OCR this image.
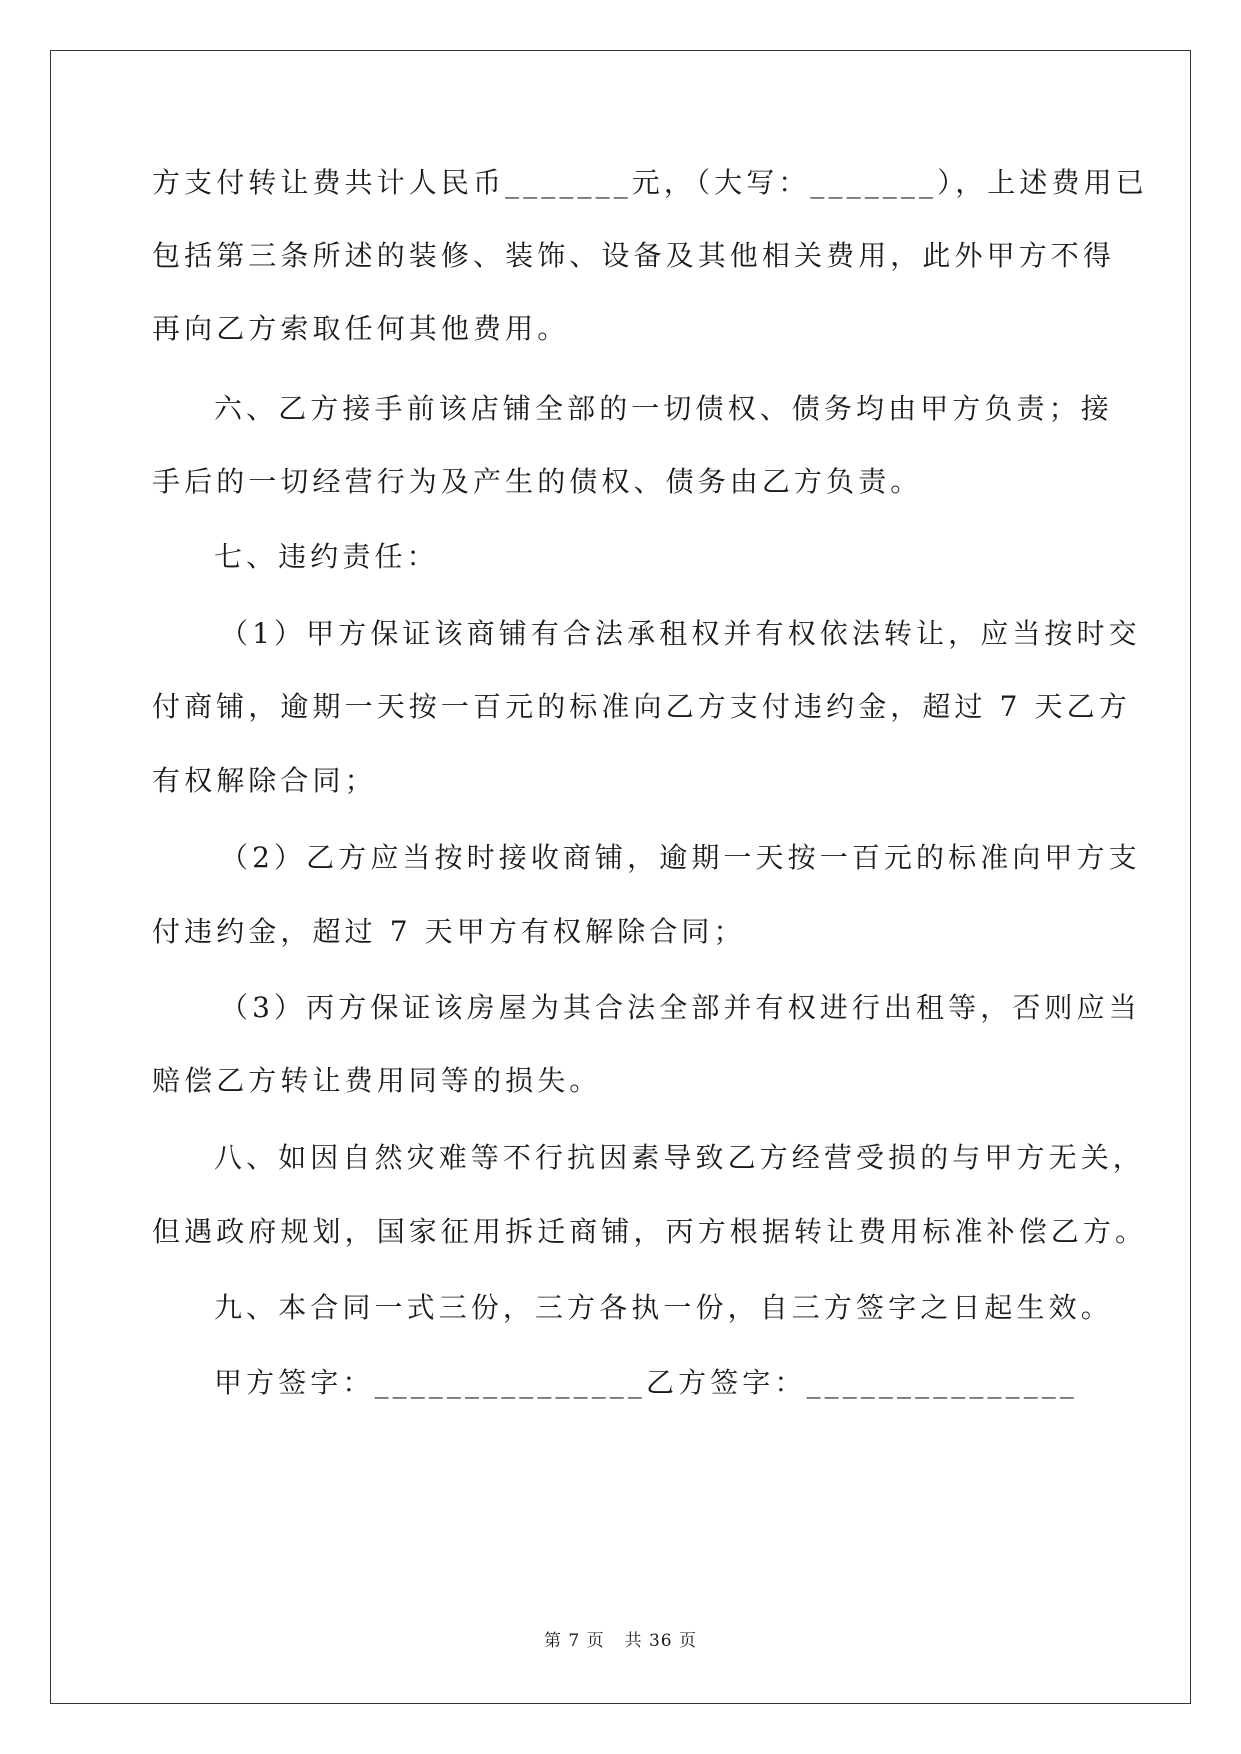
方支付转让费共计人民币_______元，（大写：_______），上述费用已
包括第三条所述的装修、装饰、设备及其他相关费用，此外甲方不得
再向乙方索取任何其他费用。
六、乙方接手前该店铺全部的一切债权、债务均由甲方负责；接
手后的一切经营行为及产生的债权、债务由乙方负责。
七、违约责任：
（1）甲方保证该商铺有合法承租权并有权依法转让，应当按时交
付商铺，逾期一天按一百元的标准向乙方支付违约金，超过 7 天乙方
有权解除合同；
（2）乙方应当按时接收商铺，逾期一天按一百元的标准向甲方支
付违约金，超过 7 天甲方有权解除合同；
（3）丙方保证该房屋为其合法全部并有权进行出租等，否则应当
赔偿乙方转让费用同等的损失。
八、如因自然灾难等不行抗因素导致乙方经营受损的与甲方无关，
但遇政府规划，国家征用拆迁商铺，丙方根据转让费用标准补偿乙方。
九、本合同一式三份，三方各执一份，自三方签字之日起生效。
甲方签字：_______________乙方签字：_______________
第 7 页 共 36 页
